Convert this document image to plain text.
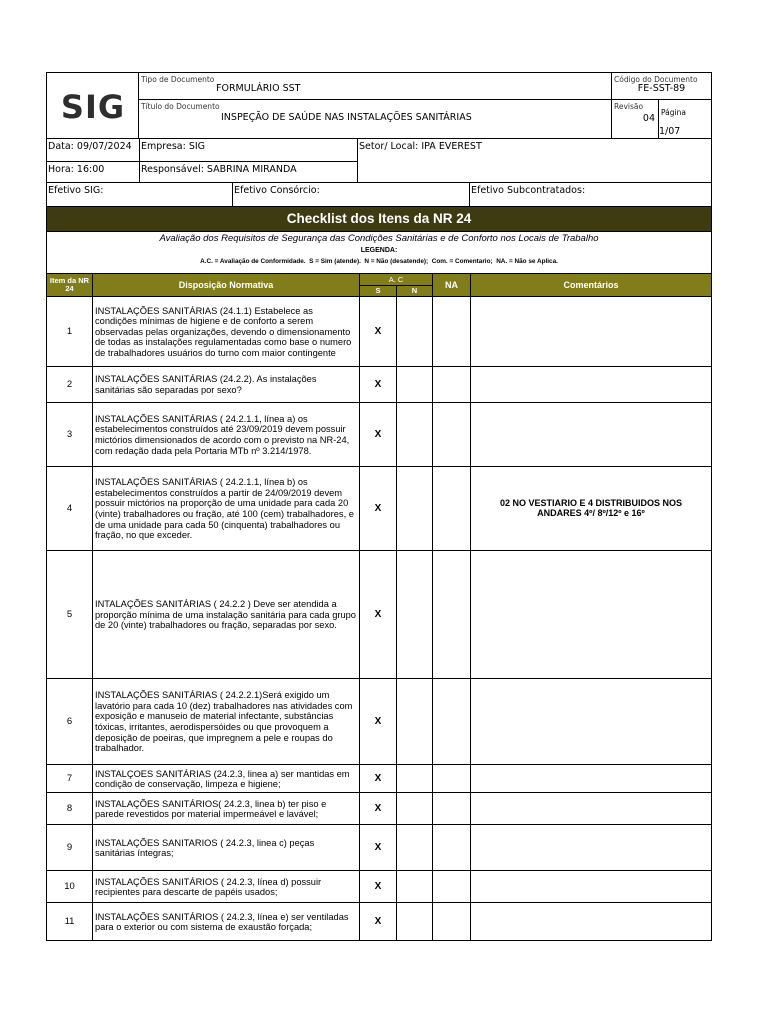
SIG	Tipo de Documento
FORMULÁRIO SST	Código do Documento
FE-SST-89	

	Título do Documento
INSPEÇÃO DE SAÚDE NAS INSTALAÇÕES SANITÁRIAS	Revisão
04	Página 1/07
Data: 09/07/2024	Empresa: SIG	Setor/ Local: IPA EVEREST
Hora: 16:00	Responsável: SABRINA MIRANDA	
Efetivo SIG:	Efetivo Consórcio:	Efetivo Subcontratados:
Checklist dos Itens da NR 24					

Avaliação dos Requisitos de Segurança das Condições Sanitárias e de Conforto nos Locais de Trabalho
LEGENDA:
A.C. = Avaliação de Conformidade. S = Sim (atende). N = Não (desatende); Com. = Comentario; NA. = Não se Aplica.					

Item da NR 24	Disposição Normativa	A. C		NA	Comentários
		S	N		
1	INSTALAÇÕES SANITÁRIAS (24.1.1) Estabelece as condições mínimas de higiene e de conforto a serem observadas pelas organizações, devendo o dimensionamento de todas as instalações regulamentadas como base o numero de trabalhadores usuários do turno com maior contingente	X			
2	INSTALAÇÕES SANITÁRIAS (24.2.2). As instalações sanitárias são separadas por sexo?	X			
3	INSTALAÇÕES SANITÁRIAS ( 24.2.1.1, línea a) os estabelecimentos construídos até 23/09/2019 devem possuir mictórios dimensionados de acordo com o previsto na NR-24, com redação dada pela Portaria MTb nº 3.214/1978.	X			
4	INSTALAÇÕES SANITÁRIAS ( 24.2.1.1, línea b) os estabelecimentos construídos a partir de 24/09/2019 devem possuir mictórios na proporção de uma unidade para cada 20 (vinte) trabalhadores ou fração, até 100 (cem) trabalhadores, e de uma unidade para cada 50 (cinquenta) trabalhadores ou fração, no que exceder.	X			02 NO VESTIARIO E 4 DISTRIBUIDOS NOS ANDARES 4º/ 8º/12º e 16º
5	INTALAÇÕES SANITÁRIAS ( 24.2.2 ) Deve ser atendida a proporção mínima de uma instalação sanitária para cada grupo de 20 (vinte) trabalhadores ou fração, separadas por sexo.	X			
6	INSTALAÇÕES SANITÁRIAS ( 24.2.2.1)Será exigido um lavatório para cada 10 (dez) trabalhadores nas atividades com exposição e manuseio de material infectante, substâncias tóxicas, irritantes, aerodispersóides ou que provoquem a deposição de poeiras, que impregnem a pele e roupas do trabalhador.	X			
7	INSTALÇOES SANITÁRIAS (24.2.3, linea a) ser mantidas em condição de conservação, limpeza e higiene;	X			
8	INSTALAÇÕES SANITÁRIOS( 24.2.3, linea b) ter piso e parede revestidos por material impermeável e lavável;	X			
9	INSTALAÇÕES SANITARIOS ( 24.2.3, linea c) peças sanitárias íntegras;	X			
10	INSTALAÇÕES SANITÁRIOS ( 24.2.3, línea d) possuir recipientes para descarte de papéis usados;	X			
11	INSTALAÇÕES SANITÁRIOS ( 24.2.3, línea e) ser ventiladas para o exterior ou com sistema de exaustão forçada;	X			
